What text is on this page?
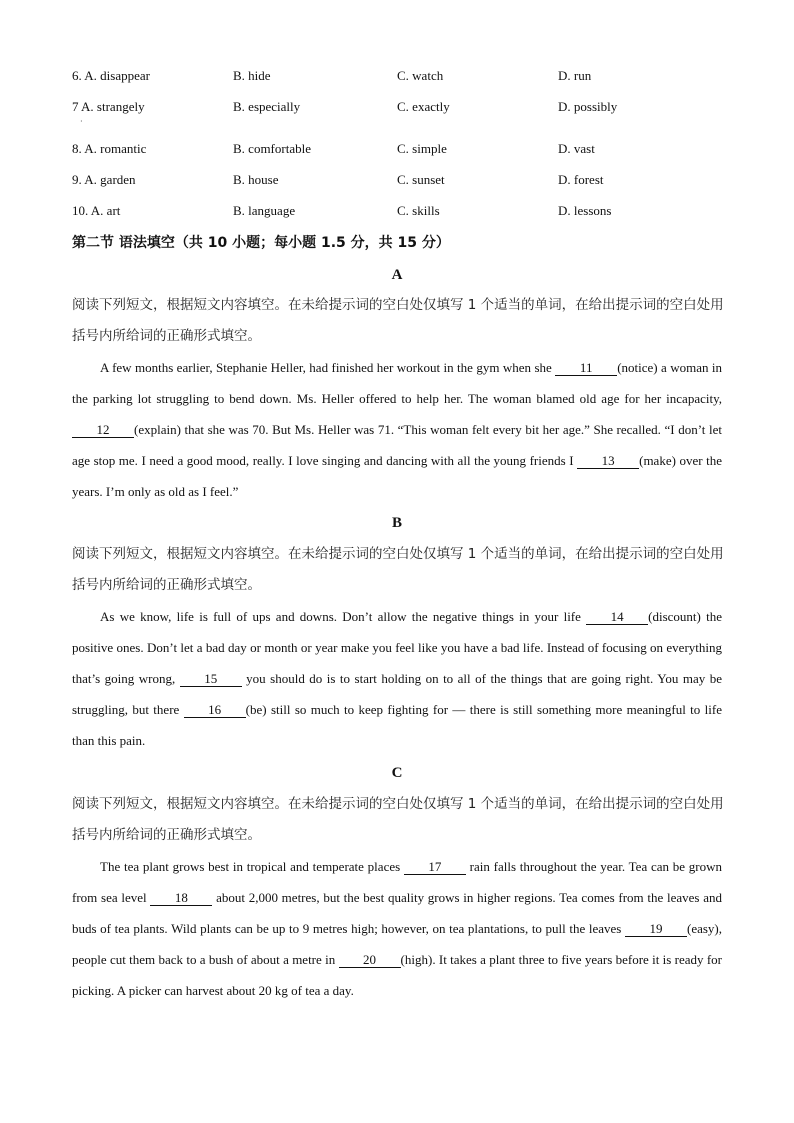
6. A. disappear	B. hide	C. watch	D. run
7 A. strangely	B. especially	C. exactly	D. possibly
·
8. A. romantic	B. comfortable	C. simple	D. vast
9. A. garden	B. house	C. sunset	D. forest
10. A. art	B. language	C. skills	D. lessons
第二节 语法填空（共 10 小题；每小题 1.5 分，共 15 分）
A
阅读下列短文，根据短文内容填空。在未给提示词的空白处仅填写 1 个适当的单词，在给出提示词的空白处用括号内所给词的正确形式填空。
A few months earlier, Stephanie Heller, had finished her workout in the gym when she 11 (notice) a woman in the parking lot struggling to bend down. Ms. Heller offered to help her. The woman blamed old age for her incapacity, 12 (explain) that she was 70. But Ms. Heller was 71. “This woman felt every bit her age.” She recalled. “I don’t let age stop me. I need a good mood, really. I love singing and dancing with all the young friends I 13 (make) over the years. I’m only as old as I feel.”
B
阅读下列短文，根据短文内容填空。在未给提示词的空白处仅填写 1 个适当的单词，在给出提示词的空白处用括号内所给词的正确形式填空。
As we know, life is full of ups and downs. Don’t allow the negative things in your life 14 (discount) the positive ones. Don’t let a bad day or month or year make you feel like you have a bad life. Instead of focusing on everything that’s going wrong, 15 you should do is to start holding on to all of the things that are going right. You may be struggling, but there 16 (be) still so much to keep fighting for — there is still something more meaningful to life than this pain.
C
阅读下列短文，根据短文内容填空。在未给提示词的空白处仅填写 1 个适当的单词，在给出提示词的空白处用括号内所给词的正确形式填空。
The tea plant grows best in tropical and temperate places 17 rain falls throughout the year. Tea can be grown from sea level 18 about 2,000 metres, but the best quality grows in higher regions. Tea comes from the leaves and buds of tea plants. Wild plants can be up to 9 metres high; however, on tea plantations, to pull the leaves 19 (easy), people cut them back to a bush of about a metre in 20 (high). It takes a plant three to five years before it is ready for picking. A picker can harvest about 20 kg of tea a day.
